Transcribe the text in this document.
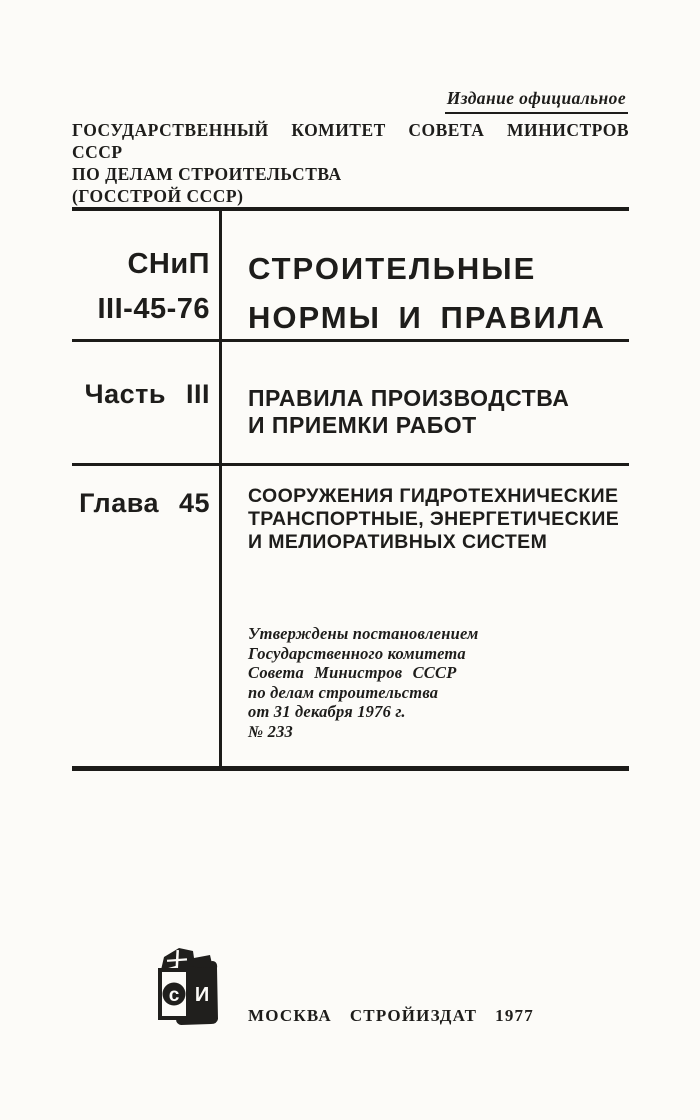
Издание официальное
ГОСУДАРСТВЕННЫЙ КОМИТЕТ СОВЕТА МИНИСТРОВ СССР
ПО ДЕЛАМ СТРОИТЕЛЬСТВА
(ГОССТРОЙ СССР)
СНиП
III-45-76
СТРОИТЕЛЬНЫЕ
НОРМЫ И ПРАВИЛА
Часть III	ПРАВИЛА ПРОИЗВОДСТВА
И ПРИЕМКИ РАБОТ
Глава 45	СООРУЖЕНИЯ ГИДРОТЕХНИЧЕСКИЕ
ТРАНСПОРТНЫЕ, ЭНЕРГЕТИЧЕСКИЕ
И МЕЛИОРАТИВНЫХ СИСТЕМ
Утверждены постановлением
Государственного комитета
Совета Министров СССР
по делам строительства
от 31 декабря 1976 г.
№ 233
с И
МОСКВА СТРОЙИЗДАТ 1977
